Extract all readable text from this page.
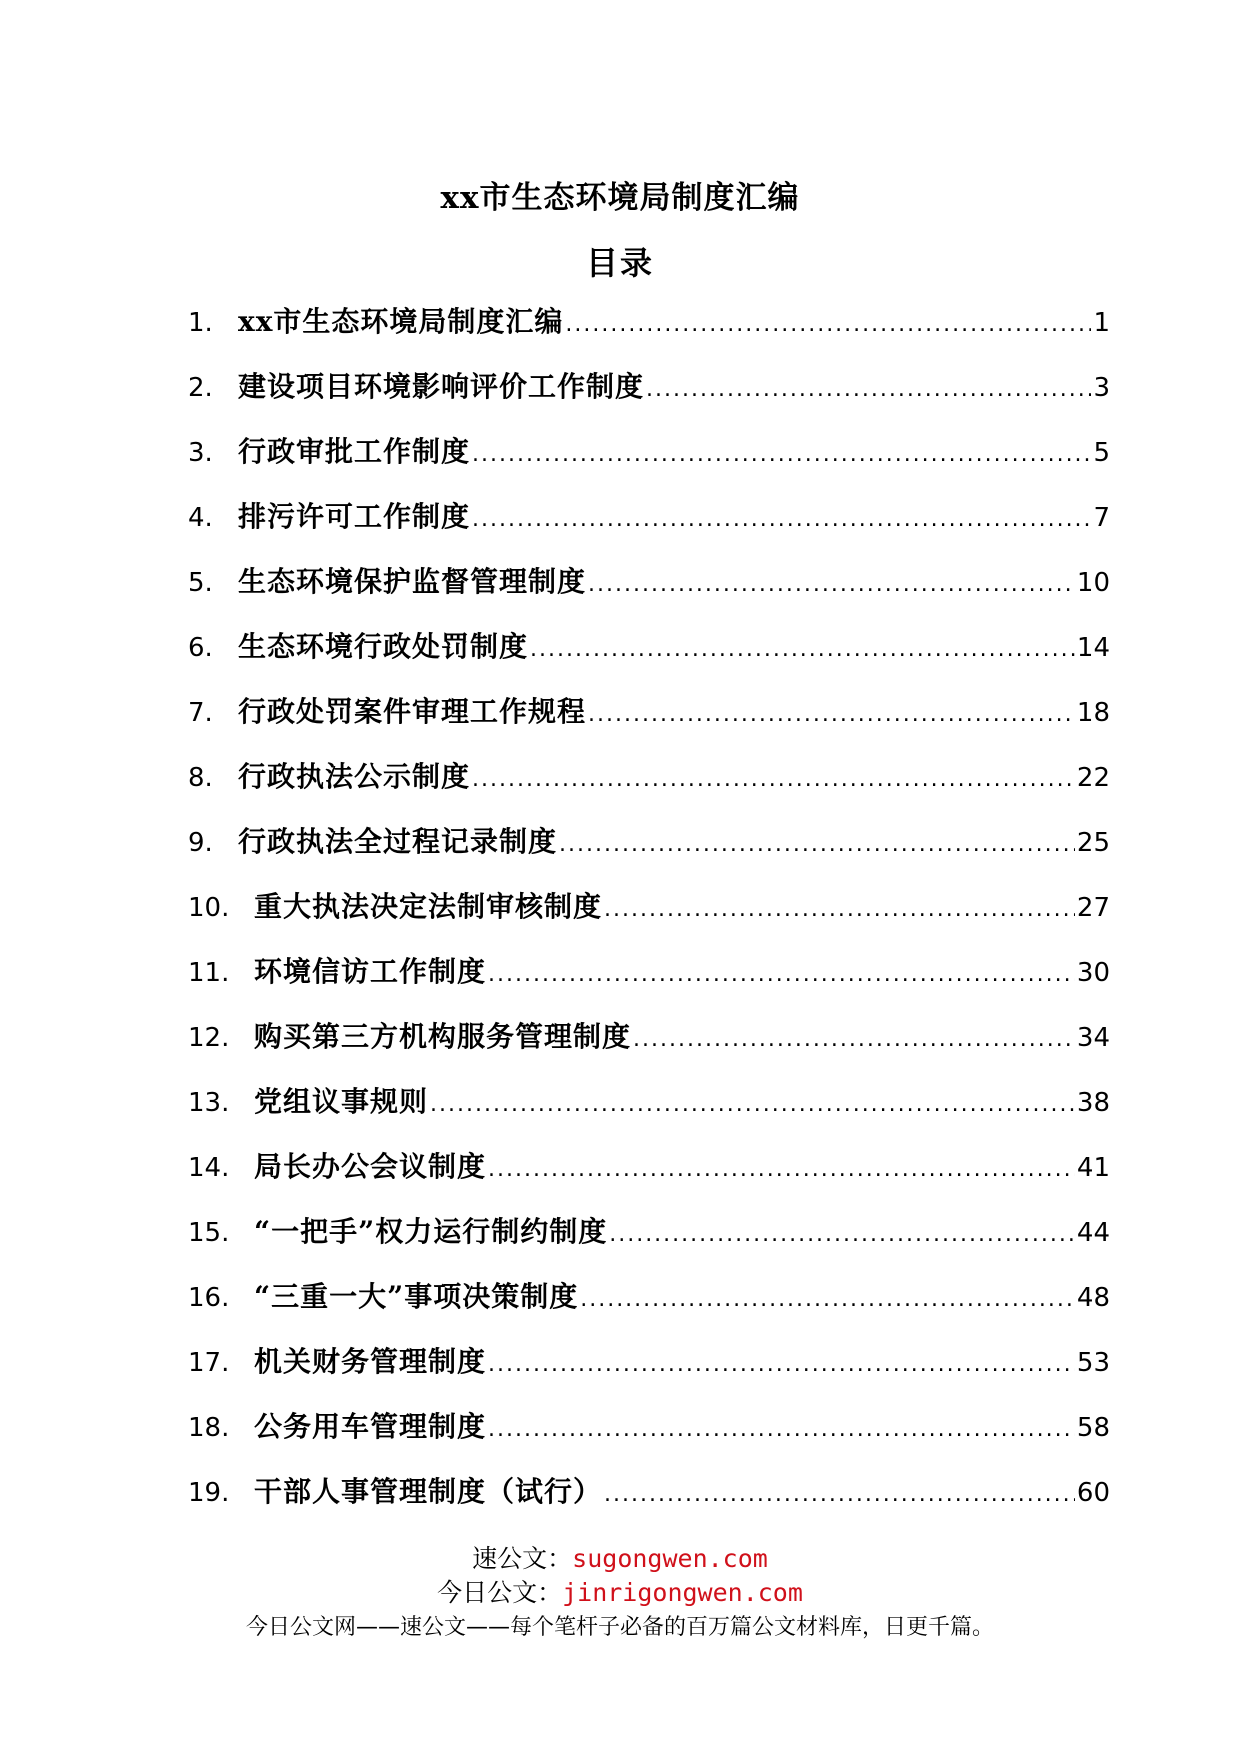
xx市生态环境局制度汇编
目录
1. xx市生态环境局制度汇编 .....	1
2. 建设项目环境影响评价工作制度 .....	3
3. 行政审批工作制度 .....	5
4. 排污许可工作制度 .....	7
5. 生态环境保护监督管理制度 .....	10
6. 生态环境行政处罚制度 .....	14
7. 行政处罚案件审理工作规程 .....	18
8. 行政执法公示制度 .....	22
9. 行政执法全过程记录制度 .....	25
10. 重大执法决定法制审核制度 .....	27
11. 环境信访工作制度 .....	30
12. 购买第三方机构服务管理制度 .....	34
13. 党组议事规则 .....	38
14. 局长办公会议制度 .....	41
15. “一把手”权力运行制约制度 .....	44
16. “三重一大”事项决策制度 .....	48
17. 机关财务管理制度 .....	53
18. 公务用车管理制度 .....	58
19. 干部人事管理制度（试行） .....	60
速公文：sugongwen.com
今日公文：jinrigongwen.com
今日公文网——速公文——每个笔杆子必备的百万篇公文材料库，日更千篇。
